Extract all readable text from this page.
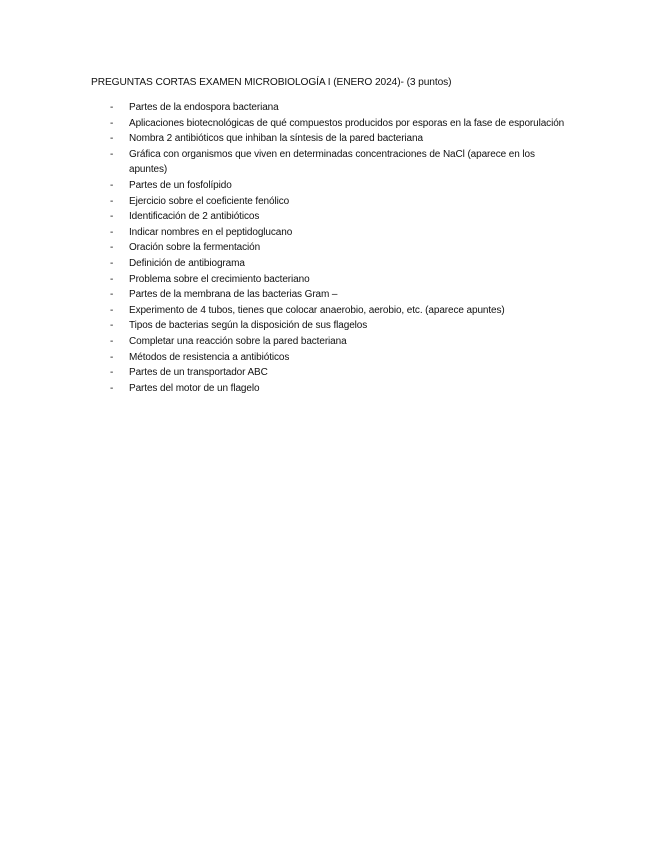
PREGUNTAS CORTAS EXAMEN MICROBIOLOGÍA I (ENERO 2024)- (3 puntos)
- Partes de la endospora bacteriana
- Aplicaciones biotecnológicas de qué compuestos producidos por esporas en la fase de esporulación
- Nombra 2 antibióticos que inhiban la síntesis de la pared bacteriana
- Gráfica con organismos que viven en determinadas concentraciones de NaCl (aparece en los apuntes)
- Partes de un fosfolípido
- Ejercicio sobre el coeficiente fenólico
- Identificación de 2 antibióticos
- Indicar nombres en el peptidoglucano
- Oración sobre la fermentación
- Definición de antibiograma
- Problema sobre el crecimiento bacteriano
- Partes de la membrana de las bacterias Gram –
- Experimento de 4 tubos, tienes que colocar anaerobio, aerobio, etc. (aparece apuntes)
- Tipos de bacterias según la disposición de sus flagelos
- Completar una reacción sobre la pared bacteriana
- Métodos de resistencia a antibióticos
- Partes de un transportador ABC
- Partes del motor de un flagelo
